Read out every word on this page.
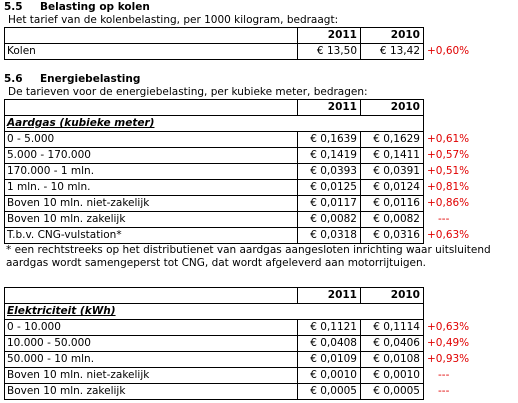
5.5	Belasting op kolen
Het tarief van de kolenbelasting, per 1000 kilogram, bedraagt:
	2011	2010	
Kolen	€ 13,50	€ 13,42	+0,60%
5.6	Energiebelasting
De tarieven voor de energiebelasting, per kubieke meter, bedragen:
	2011	2010	
Aardgas (kubieke meter)			
0 - 5.000	€ 0,1639	€ 0,1629	+0,61%
5.000 - 170.000	€ 0,1419	€ 0,1411	+0,57%
170.000 - 1 mln.	€ 0,0393	€ 0,0391	+0,51%
1 mln. - 10 mln.	€ 0,0125	€ 0,0124	+0,81%
Boven 10 mln. niet-zakelijk	€ 0,0117	€ 0,0116	+0,86%
Boven 10 mln. zakelijk	€ 0,0082	€ 0,0082	---
T.b.v. CNG-vulstation*	€ 0,0318	€ 0,0316	+0,63%
* een rechtstreeks op het distributienet van aardgas aangesloten inrichting waar uitsluitend
aardgas wordt samengeperst tot CNG, dat wordt afgeleverd aan motorrijtuigen.
	2011	2010	
Elektriciteit (kWh)			
0 - 10.000	€ 0,1121	€ 0,1114	+0,63%
10.000 - 50.000	€ 0,0408	€ 0,0406	+0,49%
50.000 - 10 mln.	€ 0,0109	€ 0,0108	+0,93%
Boven 10 mln. niet-zakelijk	€ 0,0010	€ 0,0010	---
Boven 10 mln. zakelijk	€ 0,0005	€ 0,0005	---
